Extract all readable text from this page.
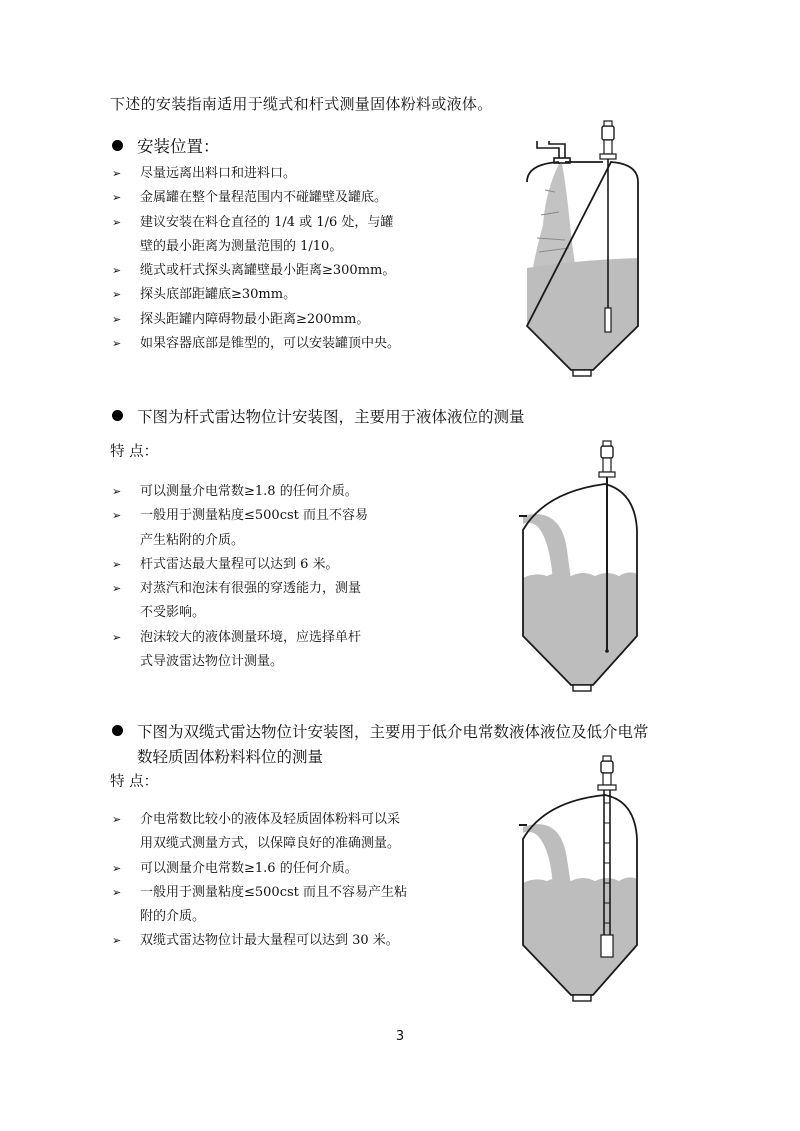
下述的安装指南适用于缆式和杆式测量固体粉料或液体。
安装位置：
➢ 尽量远离出料口和进料口。
➢ 金属罐在整个量程范围内不碰罐壁及罐底。
➢ 建议安装在料仓直径的 1/4 或 1/6 处，与罐
壁的最小距离为测量范围的 1/10。
➢ 缆式或杆式探头离罐壁最小距离≥300mm。
➢ 探头底部距罐底≥30mm。
➢ 探头距罐内障碍物最小距离≥200mm。
➢ 如果容器底部是锥型的，可以安装罐顶中央。
下图为杆式雷达物位计安装图，主要用于液体液位的测量
特 点：
➢ 可以测量介电常数≥1.8 的任何介质。
➢ 一般用于测量粘度≤500cst 而且不容易
产生粘附的介质。
➢ 杆式雷达最大量程可以达到 6 米。
➢ 对蒸汽和泡沫有很强的穿透能力，测量
不受影响。
➢ 泡沫较大的液体测量环境，应选择单杆
式导波雷达物位计测量。
下图为双缆式雷达物位计安装图，主要用于低介电常数液体液位及低介电常
数轻质固体粉料料位的测量
特 点：
➢ 介电常数比较小的液体及轻质固体粉料可以采
用双缆式测量方式，以保障良好的准确测量。
➢ 可以测量介电常数≥1.6 的任何介质。
➢ 一般用于测量粘度≤500cst 而且不容易产生粘
附的介质。
➢ 双缆式雷达物位计最大量程可以达到 30 米。
3
